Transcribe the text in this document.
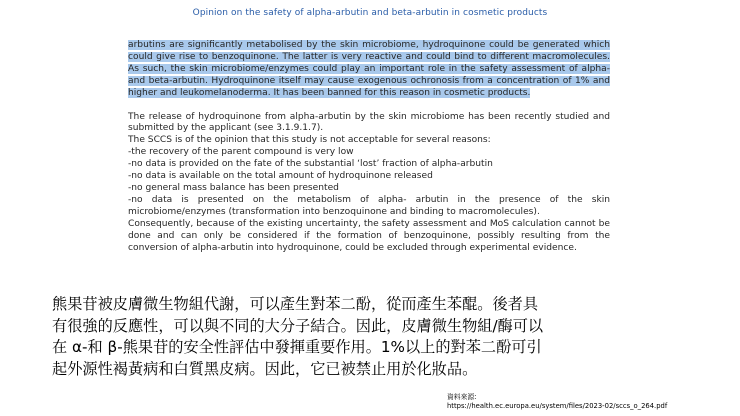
Opinion on the safety of alpha-arbutin and beta-arbutin in cosmetic products
arbutins are significantly metabolised by the skin microbiome, hydroquinone could be generated which could give rise to benzoquinone. The latter is very reactive and could bind to different macromolecules. As such, the skin microbiome/enzymes could play an important role in the safety assessment of alpha-and beta-arbutin. Hydroquinone itself may cause exogenous ochronosis from a concentration of 1% and higher and leukomelanoderma. It has been banned for this reason in cosmetic products.
The release of hydroquinone from alpha-arbutin by the skin microbiome has been recently studied and submitted by the applicant (see 3.1.9.1.7).
The SCCS is of the opinion that this study is not acceptable for several reasons:
-the recovery of the parent compound is very low
-no data is provided on the fate of the substantial ‘lost’ fraction of alpha-arbutin
-no data is available on the total amount of hydroquinone released
-no general mass balance has been presented
-no data is presented on the metabolism of alpha- arbutin in the presence of the skin microbiome/enzymes (transformation into benzoquinone and binding to macromolecules).
Consequently, because of the existing uncertainty, the safety assessment and MoS calculation cannot be done and can only be considered if the formation of benzoquinone, possibly resulting from the conversion of alpha-arbutin into hydroquinone, could be excluded through experimental evidence.

熊果苷被皮膚微生物組代謝，可以產生對苯二酚，從而產生苯醌。後者具

有很強的反應性，可以與不同的大分子結合。因此，皮膚微生物組/酶可以

在 α-和 β-熊果苷的安全性評估中發揮重要作用。1%以上的對苯二酚可引

起外源性褐黃病和白質黑皮病。因此，它已被禁止用於化妝品。

資料來源:
https://health.ec.europa.eu/system/files/2023-02/sccs_o_264.pdf
